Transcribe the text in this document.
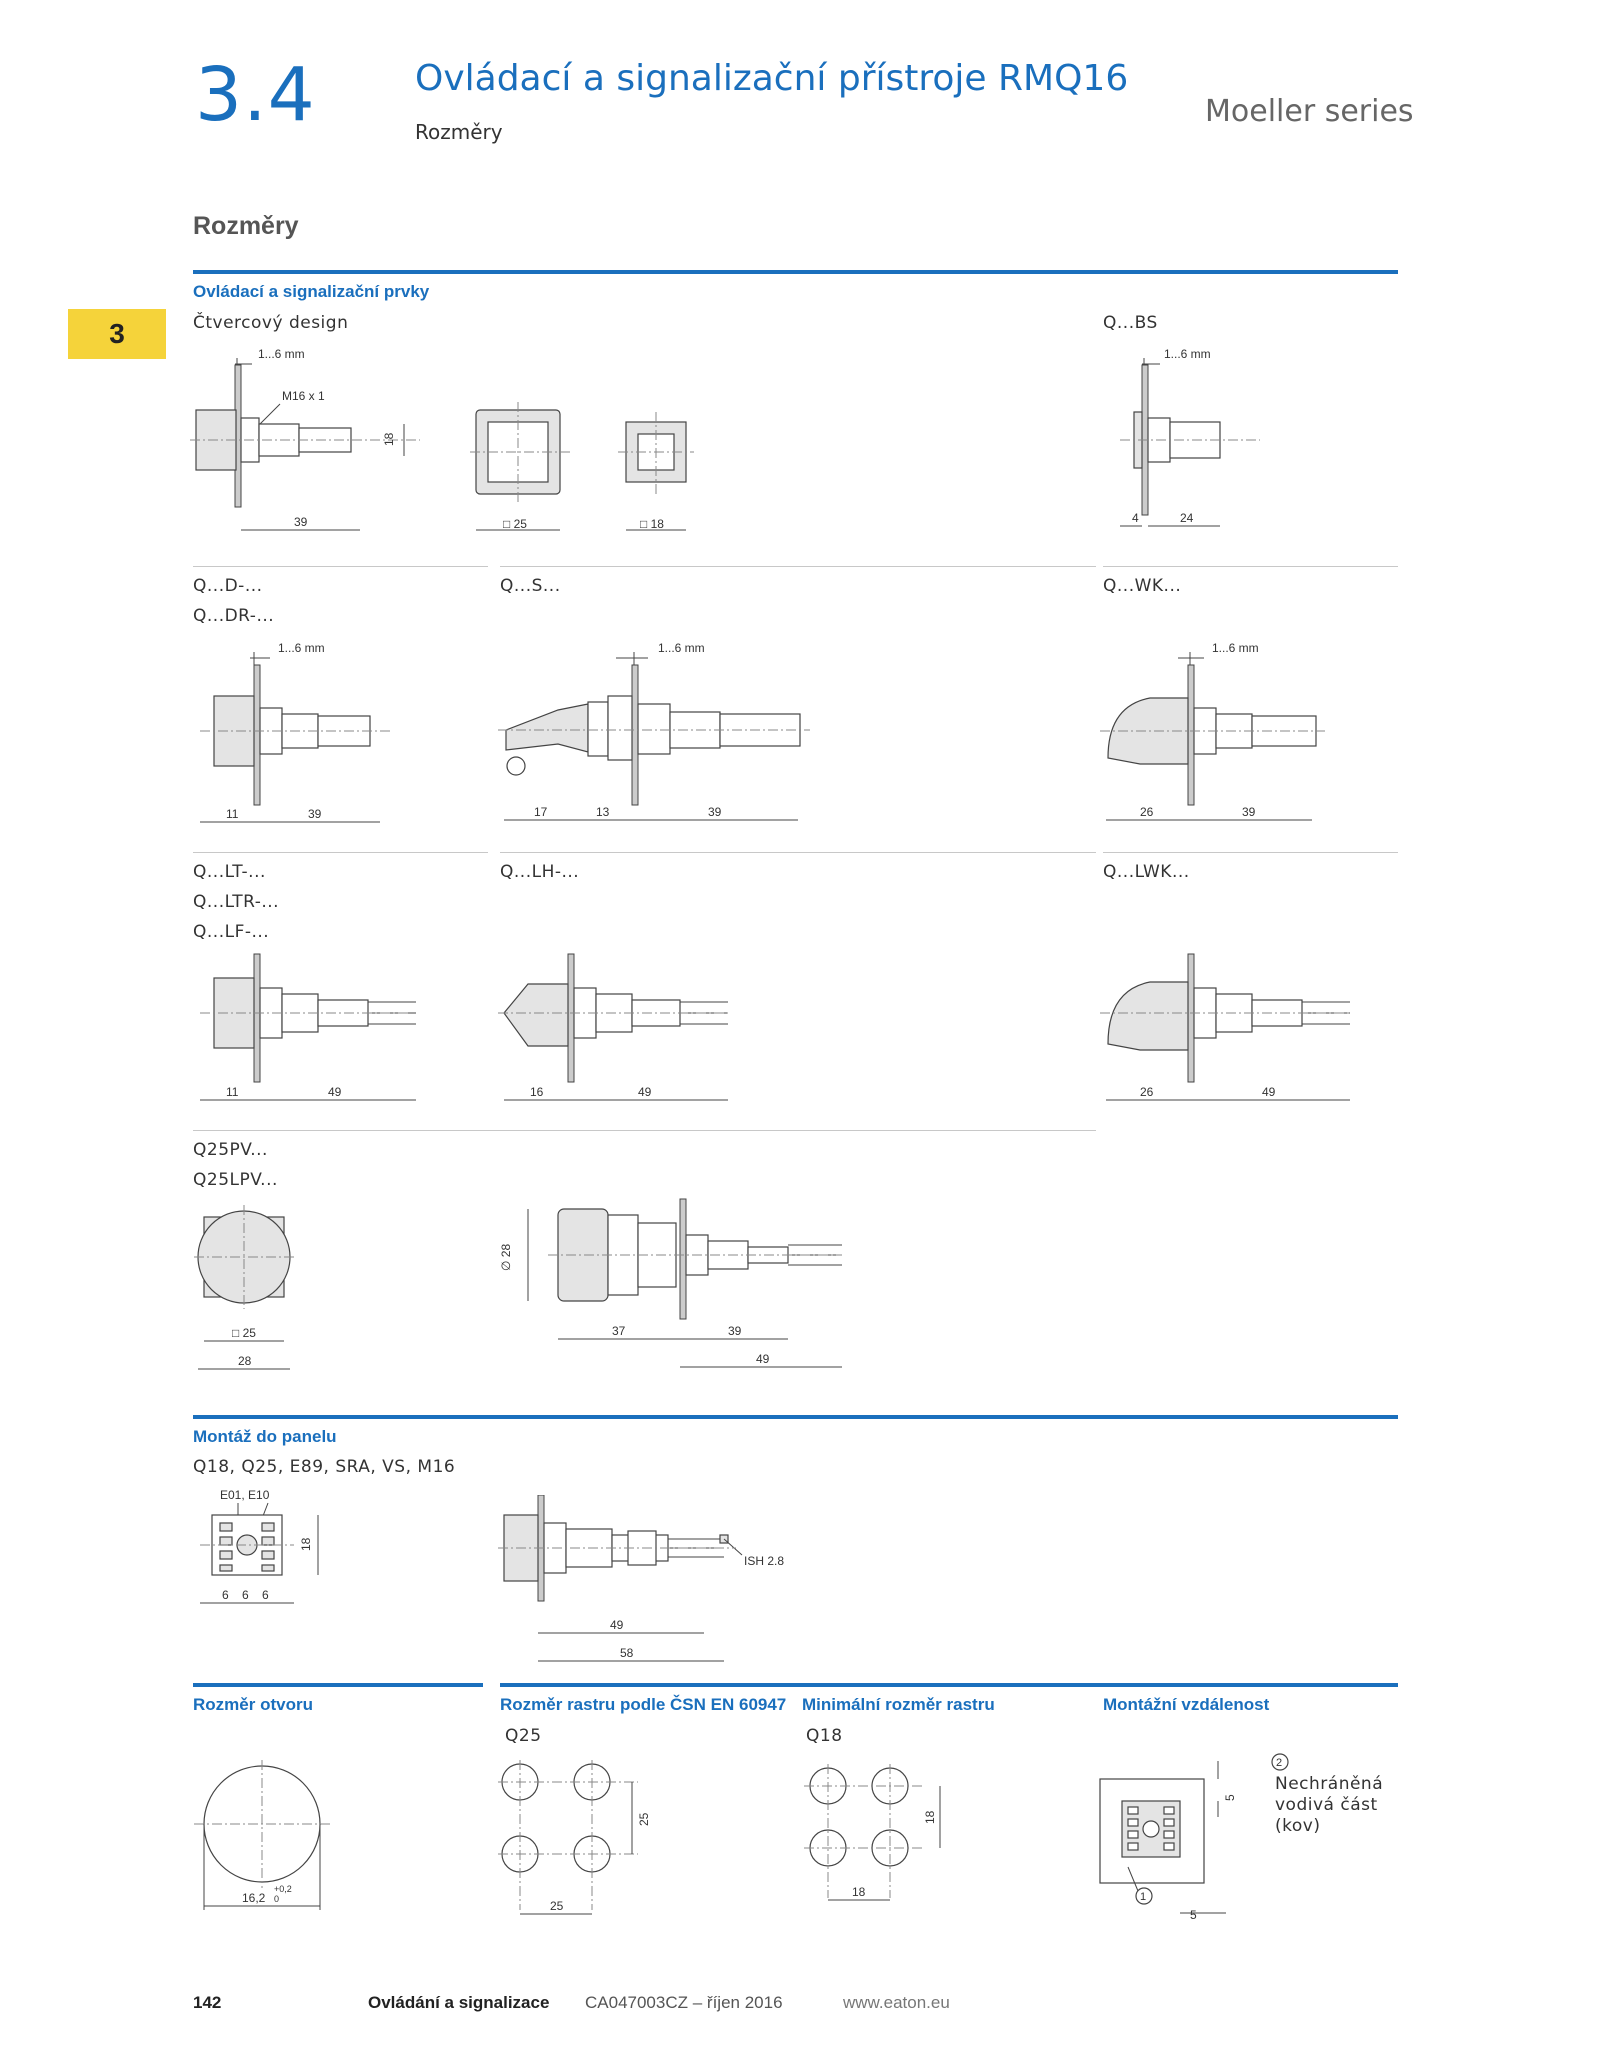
3.4	Ovládací a signalizační přístroje RMQ16
Rozměry
Moeller series
Rozměry
3
Ovládací a signalizační prvky
Čtvercový design	Q...BS
1...6 mm
M16 x 1
18
39	□ 25	□ 18
1...6 mm
4	24
Q...D-...
Q...DR-...
Q...S...	Q...WK...
1...6 mm
11	39
1...6 mm
17	13	39
1...6 mm
26	39
Q...LT-...
Q...LTR-...
Q...LF-...
Q...LH-...	Q...LWK...
11	49	16	49	26	49
Q25PV...
Q25LPV...
□ 25
28
∅ 28
37	39
49
Montáž do panelu
Q18, Q25, E89, SRA, VS, M16
E01, E10
18
6 6 6
ISH 2.8
49
58
Rozměr otvoru	Rozměr rastru podle ČSN EN 60947 Minimální rozměr rastru	Montážní vzdálenost
Q25	Q18
16,2
+0,2
0
25
25
18
18
5
5
1
2
Nechráněná vodivá část (kov)
142	Ovládání a signalizace CA047003CZ – říjen 2016	www.eaton.eu
